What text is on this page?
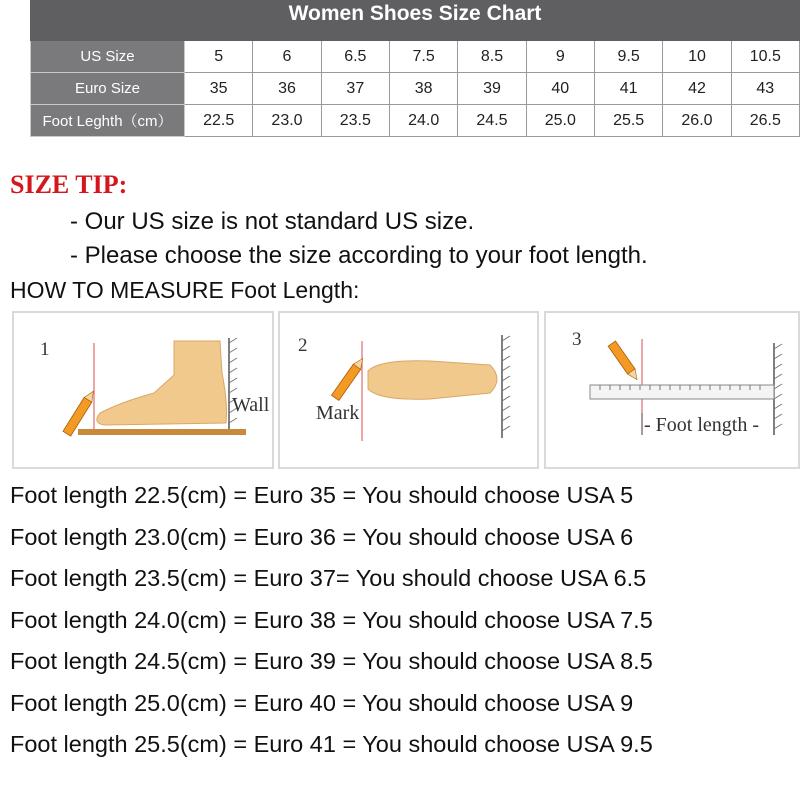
Women Shoes Size Chart									
US Size	5	6	6.5	7.5	8.5	9	9.5	10	10.5
Euro Size	35	36	37	38	39	40	41	42	43
Foot Leghth（cm）	22.5	23.0	23.5	24.0	24.5	25.0	25.5	26.0	26.5
SIZE TIP:
- Our US size is not standard US size.
- Please choose the size according to your foot length.
HOW TO MEASURE Foot Length:
1
Wall
2
Mark
3
- Foot length -
Foot length 22.5(cm) = Euro 35 = You should choose USA 5
Foot length 23.0(cm) = Euro 36 = You should choose USA 6
Foot length 23.5(cm) = Euro 37= You should choose USA 6.5
Foot length 24.0(cm) = Euro 38 = You should choose USA 7.5
Foot length 24.5(cm) = Euro 39 = You should choose USA 8.5
Foot length 25.0(cm) = Euro 40 = You should choose USA 9
Foot length 25.5(cm) = Euro 41 = You should choose USA 9.5
